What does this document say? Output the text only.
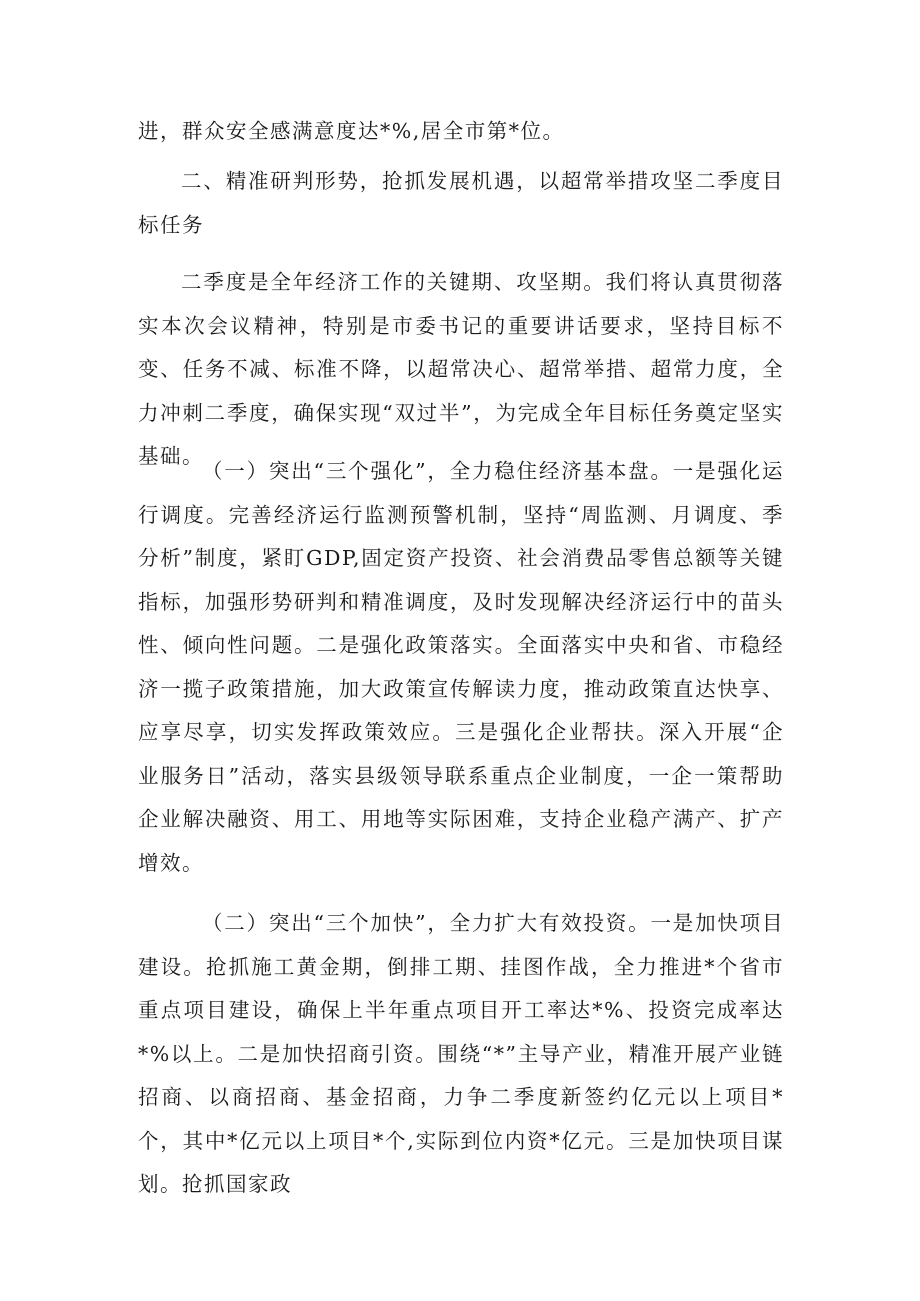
进，群众安全感满意度达*%,居全市第*位。

二、精准研判形势，抢抓发展机遇，以超常举措攻坚二季度目标任务

二季度是全年经济工作的关键期、攻坚期。我们将认真贯彻落实本次会议精神，特别是市委书记的重要讲话要求，坚持目标不变、任务不减、标准不降，以超常决心、超常举措、超常力度，全力冲刺二季度，确保实现“双过半”，为完成全年目标任务奠定坚实基础。

（一）突出“三个强化”，全力稳住经济基本盘。一是强化运行调度。完善经济运行监测预警机制，坚持“周监测、月调度、季分析”制度，紧盯GDP,固定资产投资、社会消费品零售总额等关键指标，加强形势研判和精准调度，及时发现解决经济运行中的苗头性、倾向性问题。二是强化政策落实。全面落实中央和省、市稳经济一揽子政策措施，加大政策宣传解读力度，推动政策直达快享、应享尽享，切实发挥政策效应。三是强化企业帮扶。深入开展“企业服务日”活动，落实县级领导联系重点企业制度，一企一策帮助企业解决融资、用工、用地等实际困难，支持企业稳产满产、扩产增效。

（二）突出“三个加快”，全力扩大有效投资。一是加快项目建设。抢抓施工黄金期，倒排工期、挂图作战，全力推进*个省市重点项目建设，确保上半年重点项目开工率达*%、投资完成率达*%以上。二是加快招商引资。围绕“*”主导产业，精准开展产业链招商、以商招商、基金招商，力争二季度新签约亿元以上项目*个，其中*亿元以上项目*个,实际到位内资*亿元。三是加快项目谋划。抢抓国家政
